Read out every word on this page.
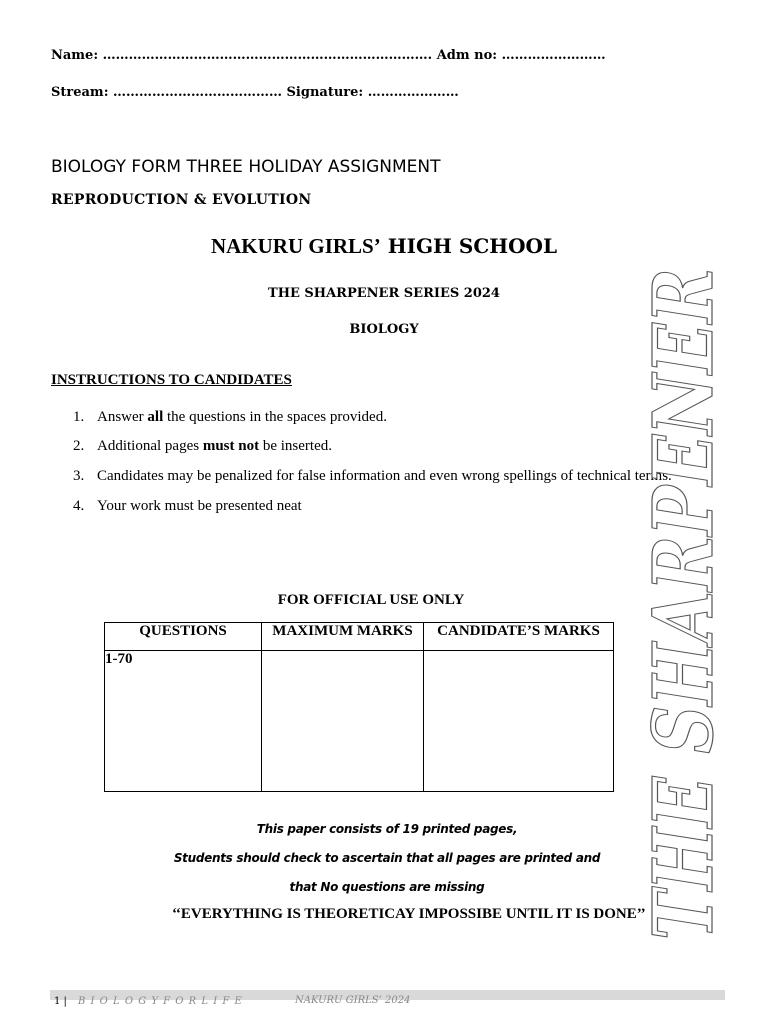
Name: …………………………………………………………………. Adm no: ……………………
Stream: ………………………………… Signature: …………………
BIOLOGY FORM THREE HOLIDAY ASSIGNMENT
REPRODUCTION & EVOLUTION
NAKURU GIRLS’ HIGH SCHOOL
THE SHARPENER SERIES 2024
BIOLOGY
INSTRUCTIONS TO CANDIDATES
1. Answer all the questions in the spaces provided.
2. Additional pages must not be inserted.
3. Candidates may be penalized for false information and even wrong spellings of technical terms.
4. Your work must be presented neat
FOR OFFICIAL USE ONLY
QUESTIONS	MAXIMUM MARKS	CANDIDATE’S MARKS
1-70		
This paper consists of 19 printed pages,
Students should check to ascertain that all pages are printed and
that No questions are missing
‘‘EVERYTHING IS THEORETICAY IMPOSSIBE UNTIL IT IS DONE’’
THE SHARPENER
1 | B I O L O G Y F O R L I F E	NAKURU GIRLS’ 2024
